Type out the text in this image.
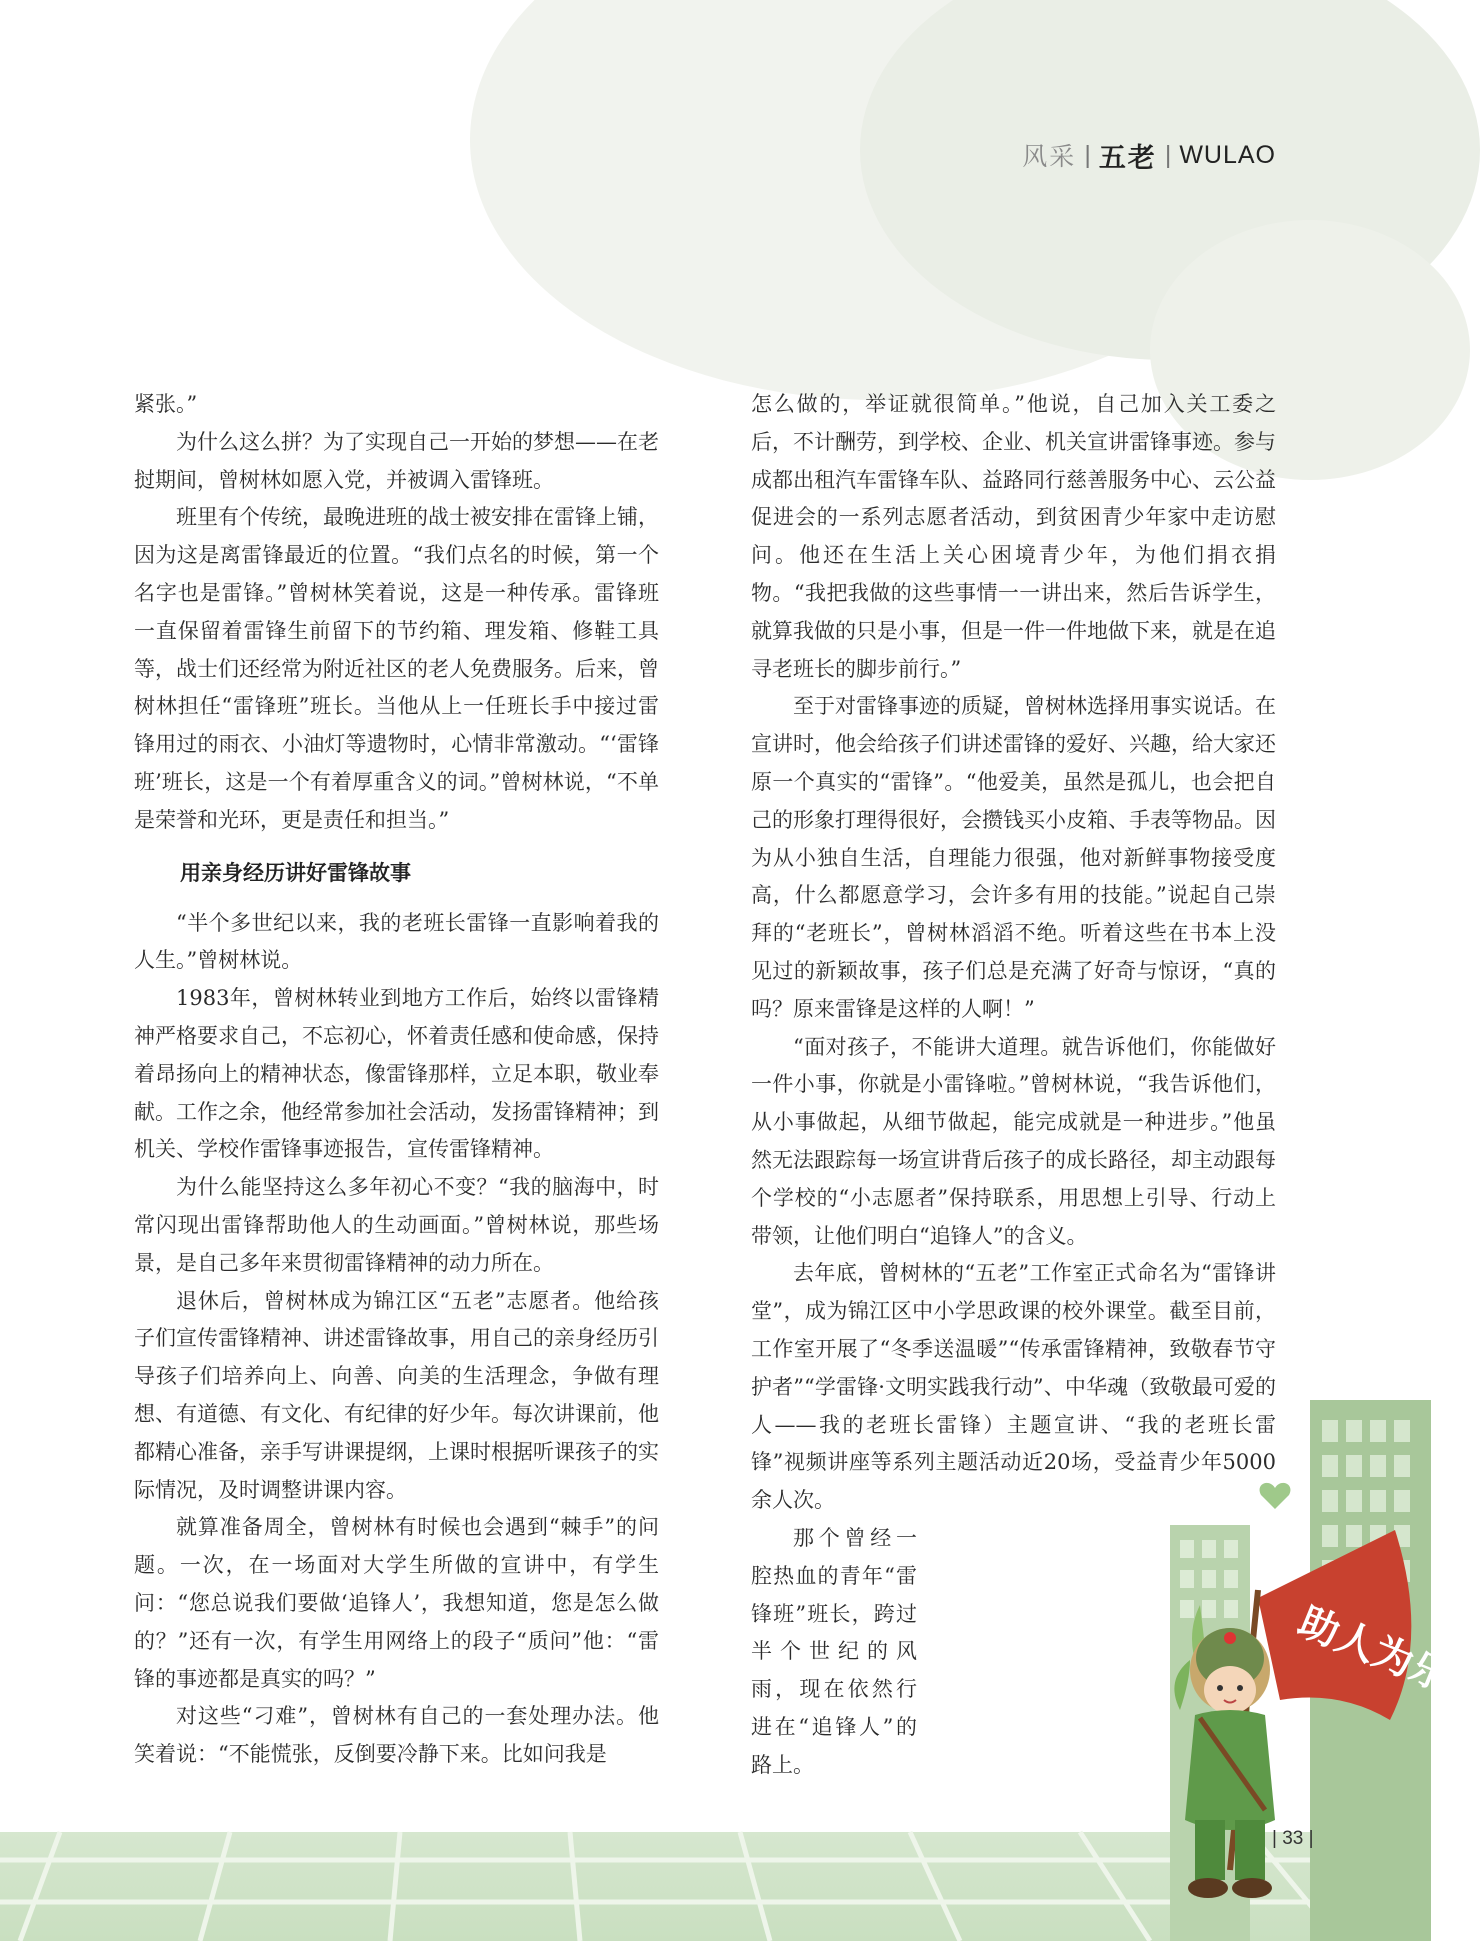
风采 | 五老 | WULAO

紧张。”

为什么这么拼？为了实现自己一开始的梦想——在老挝期间，曾树林如愿入党，并被调入雷锋班。

班里有个传统，最晚进班的战士被安排在雷锋上铺，因为这是离雷锋最近的位置。“我们点名的时候，第一个名字也是雷锋。”曾树林笑着说，这是一种传承。雷锋班一直保留着雷锋生前留下的节约箱、理发箱、修鞋工具等，战士们还经常为附近社区的老人免费服务。后来，曾树林担任“雷锋班”班长。当他从上一任班长手中接过雷锋用过的雨衣、小油灯等遗物时，心情非常激动。“‘雷锋班’班长，这是一个有着厚重含义的词。”曾树林说，“不单是荣誉和光环，更是责任和担当。”

用亲身经历讲好雷锋故事

“半个多世纪以来，我的老班长雷锋一直影响着我的人生。”曾树林说。

1983年，曾树林转业到地方工作后，始终以雷锋精神严格要求自己，不忘初心，怀着责任感和使命感，保持着昂扬向上的精神状态，像雷锋那样，立足本职，敬业奉献。工作之余，他经常参加社会活动，发扬雷锋精神；到机关、学校作雷锋事迹报告，宣传雷锋精神。

为什么能坚持这么多年初心不变？“我的脑海中，时常闪现出雷锋帮助他人的生动画面。”曾树林说，那些场景，是自己多年来贯彻雷锋精神的动力所在。

退休后，曾树林成为锦江区“五老”志愿者。他给孩子们宣传雷锋精神、讲述雷锋故事，用自己的亲身经历引导孩子们培养向上、向善、向美的生活理念，争做有理想、有道德、有文化、有纪律的好少年。每次讲课前，他都精心准备，亲手写讲课提纲，上课时根据听课孩子的实际情况，及时调整讲课内容。

就算准备周全，曾树林有时候也会遇到“棘手”的问题。一次，在一场面对大学生所做的宣讲中，有学生问：“您总说我们要做‘追锋人’，我想知道，您是怎么做的？”还有一次，有学生用网络上的段子“质问”他：“雷锋的事迹都是真实的吗？”

对这些“刁难”，曾树林有自己的一套处理办法。他笑着说：“不能慌张，反倒要冷静下来。比如问我是

怎么做的，举证就很简单。”他说，自己加入关工委之后，不计酬劳，到学校、企业、机关宣讲雷锋事迹。参与成都出租汽车雷锋车队、益路同行慈善服务中心、云公益促进会的一系列志愿者活动，到贫困青少年家中走访慰问。他还在生活上关心困境青少年，为他们捐衣捐物。“我把我做的这些事情一一讲出来，然后告诉学生，就算我做的只是小事，但是一件一件地做下来，就是在追寻老班长的脚步前行。”

至于对雷锋事迹的质疑，曾树林选择用事实说话。在宣讲时，他会给孩子们讲述雷锋的爱好、兴趣，给大家还原一个真实的“雷锋”。“他爱美，虽然是孤儿，也会把自己的形象打理得很好，会攒钱买小皮箱、手表等物品。因为从小独自生活，自理能力很强，他对新鲜事物接受度高，什么都愿意学习，会许多有用的技能。”说起自己崇拜的“老班长”，曾树林滔滔不绝。听着这些在书本上没见过的新颖故事，孩子们总是充满了好奇与惊讶，“真的吗？原来雷锋是这样的人啊！”

“面对孩子，不能讲大道理。就告诉他们，你能做好一件小事，你就是小雷锋啦。”曾树林说，“我告诉他们，从小事做起，从细节做起，能完成就是一种进步。”他虽然无法跟踪每一场宣讲背后孩子的成长路径，却主动跟每个学校的“小志愿者”保持联系，用思想上引导、行动上带领，让他们明白“追锋人”的含义。

去年底，曾树林的“五老”工作室正式命名为“雷锋讲堂”，成为锦江区中小学思政课的校外课堂。截至目前，工作室开展了“冬季送温暖”“传承雷锋精神，致敬春节守护者”“学雷锋·文明实践我行动”、中华魂（致敬最可爱的人——我的老班长雷锋）主题宣讲、“我的老班长雷锋”视频讲座等系列主题活动近20场，受益青少年5000余人次。

那个曾经一腔热血的青年“雷锋班”班长，跨过半个世纪的风雨，现在依然行进在“追锋人”的路上。

助人为乐
| 33 |
